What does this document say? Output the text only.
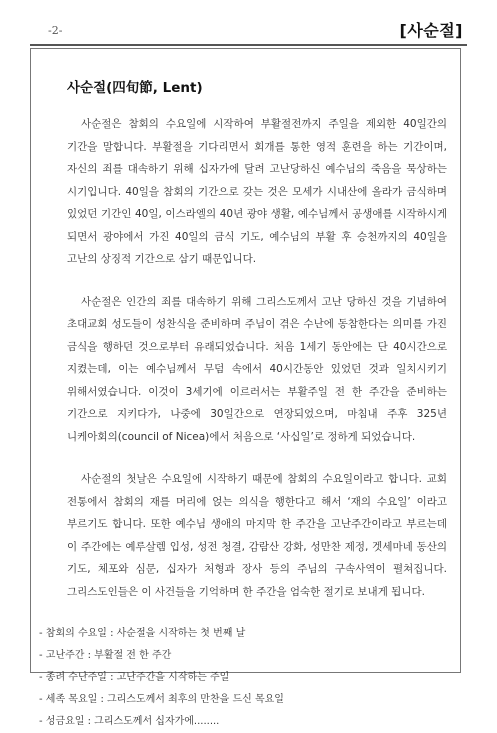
-2-	[사순절]
사순절(四旬節, Lent)

사순절은 참회의 수요일에 시작하여 부활절전까지 주일을 제외한 40일간의 기간을 말합니다. 부활절을 기다리면서 회개를 통한 영적 훈련을 하는 기간이며, 자신의 죄를 대속하기 위해 십자가에 달려 고난당하신 예수님의 죽음을 묵상하는 시기입니다. 40일을 참회의 기간으로 갖는 것은 모세가 시내산에 올라가 금식하며 있었던 기간인 40일, 이스라엘의 40년 광야 생활, 예수님께서 공생애를 시작하시게 되면서 광야에서 가진 40일의 금식 기도, 예수님의 부활 후 승천까지의 40일을 고난의 상징적 기간으로 삼기 때문입니다.

사순절은 인간의 죄를 대속하기 위해 그리스도께서 고난 당하신 것을 기념하여 초대교회 성도들이 성찬식을 준비하며 주님이 겪은 수난에 동참한다는 의미를 가진 금식을 행하던 것으로부터 유래되었습니다. 처음 1세기 동안에는 단 40시간으로 지켰는데, 이는 예수님께서 무덤 속에서 40시간동안 있었던 것과 일치시키기 위해서였습니다. 이것이 3세기에 이르러서는 부활주일 전 한 주간을 준비하는 기간으로 지키다가, 나중에 30일간으로 연장되었으며, 마침내 주후 325년 니케아회의(council of Nicea)에서 처음으로 ‘사십일’로 정하게 되었습니다.

사순절의 첫날은 수요일에 시작하기 때문에 참회의 수요일이라고 합니다. 교회 전통에서 참회의 재를 머리에 얹는 의식을 행한다고 해서 ‘재의 수요일’ 이라고 부르기도 합니다. 또한 예수님 생애의 마지막 한 주간을 고난주간이라고 부르는데 이 주간에는 예루살렘 입성, 성전 청결, 감람산 강화, 성만찬 제정, 겟세마네 동산의 기도, 체포와 심문, 십자가 처형과 장사 등의 주님의 구속사역이 펼쳐집니다. 그리스도인들은 이 사건들을 기억하며 한 주간을 엄숙한 절기로 보내게 됩니다.

- 참회의 수요일 : 사순절을 시작하는 첫 번째 날
- 고난주간 : 부활절 전 한 주간
- 종려 수난주일 : 고난주간을 시작하는 주일
- 세족 목요일 : 그리스도께서 최후의 만찬을 드신 목요일
- 성금요일 : 그리스도께서 십자가에........
